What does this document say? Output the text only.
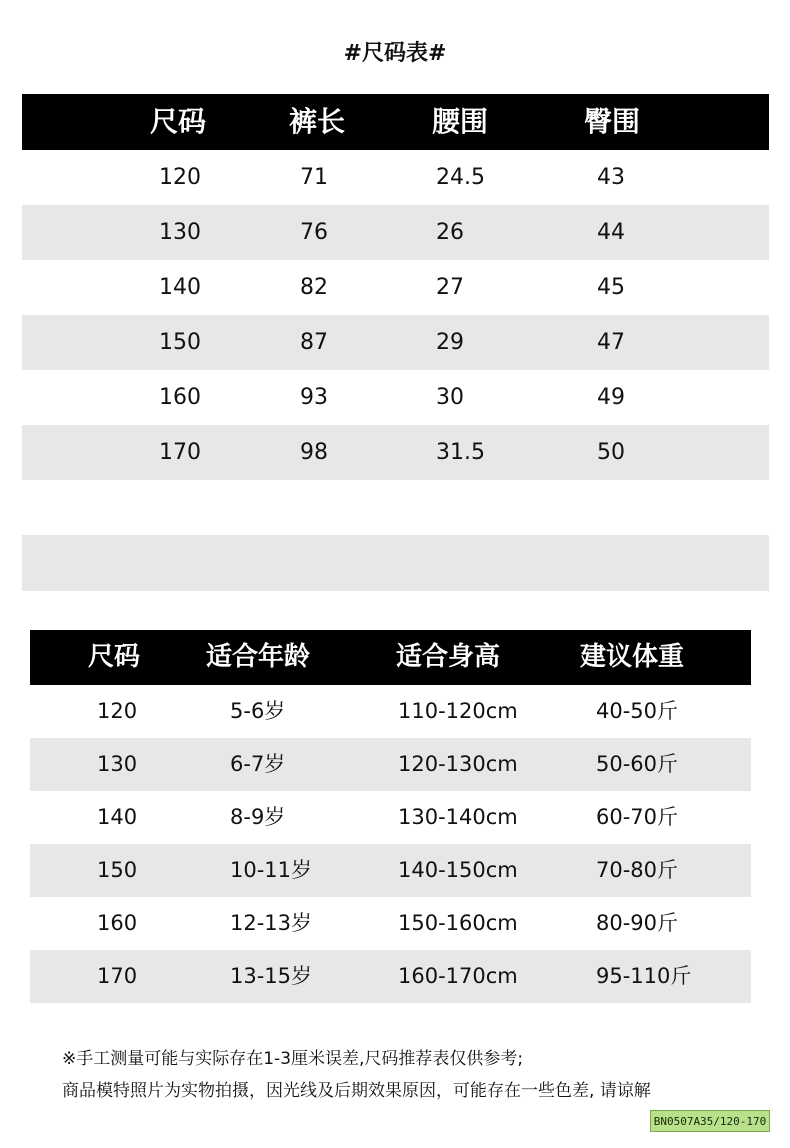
#尺码表#
尺码	裤长	腰围	臀围
120	71	24.5	43
130	76	26	44
140	82	27	45
150	87	29	47
160	93	30	49
170	98	31.5	50
尺码	适合年龄	适合身高	建议体重
120	5-6岁	110-120cm	40-50斤
130	6-7岁	120-130cm	50-60斤
140	8-9岁	130-140cm	60-70斤
150	10-11岁	140-150cm	70-80斤
160	12-13岁	150-160cm	80-90斤
170	13-15岁	160-170cm	95-110斤
※手工测量可能与实际存在1-3厘米误差,尺码推荐表仅供参考;
商品模特照片为实物拍摄，因光线及后期效果原因，可能存在一些色差, 请谅解
BN0507A35/120-170
